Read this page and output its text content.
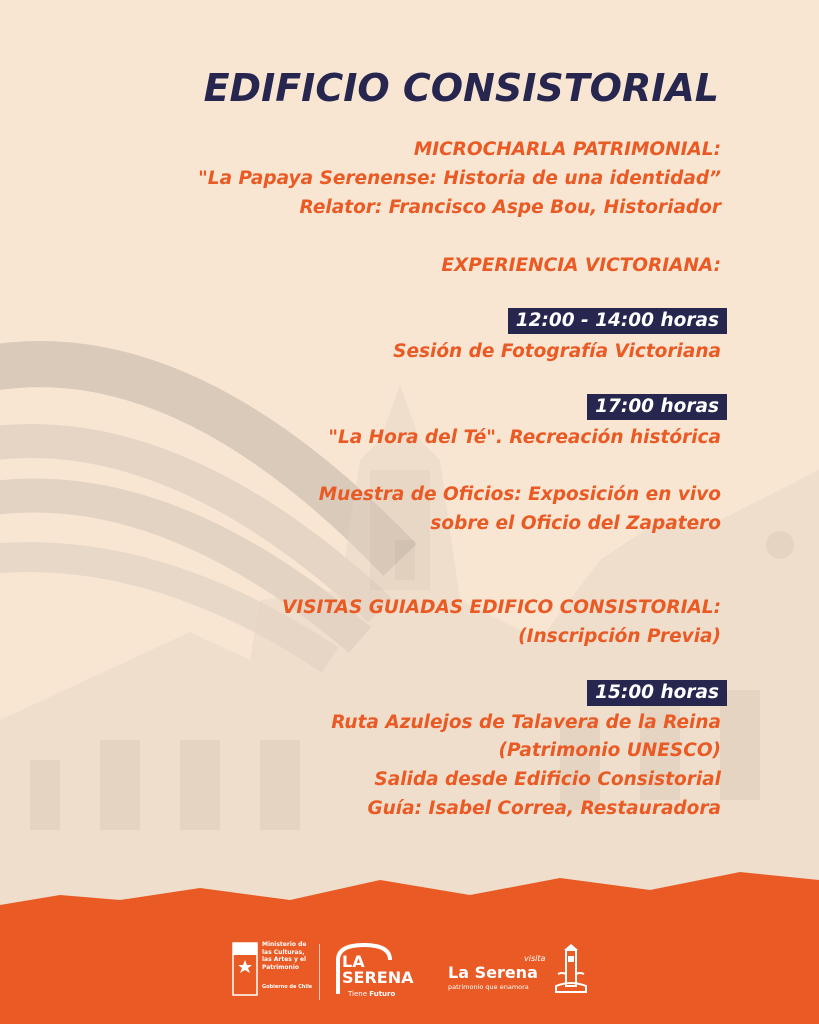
EDIFICIO CONSISTORIAL
MICROCHARLA PATRIMONIAL:
"La Papaya Serenense: Historia de una identidad”
Relator: Francisco Aspe Bou, Historiador
EXPERIENCIA VICTORIANA:
12:00 - 14:00 horas
Sesión de Fotografía Victoriana
17:00 horas
"La Hora del Té". Recreación histórica
Muestra de Oficios: Exposición en vivo
sobre el Oficio del Zapatero
VISITAS GUIADAS EDIFICO CONSISTORIAL:
(Inscripción Previa)
15:00 horas
Ruta Azulejos de Talavera de la Reina
(Patrimonio UNESCO)
Salida desde Edificio Consistorial
Guía: Isabel Correa, Restauradora
Ministerio de
las Culturas,
las Artes y el
Patrimonio
Gobierno de Chile
LA
SERENA
Tiene Futuro
visita
La Serena
patrimonio que enamora
